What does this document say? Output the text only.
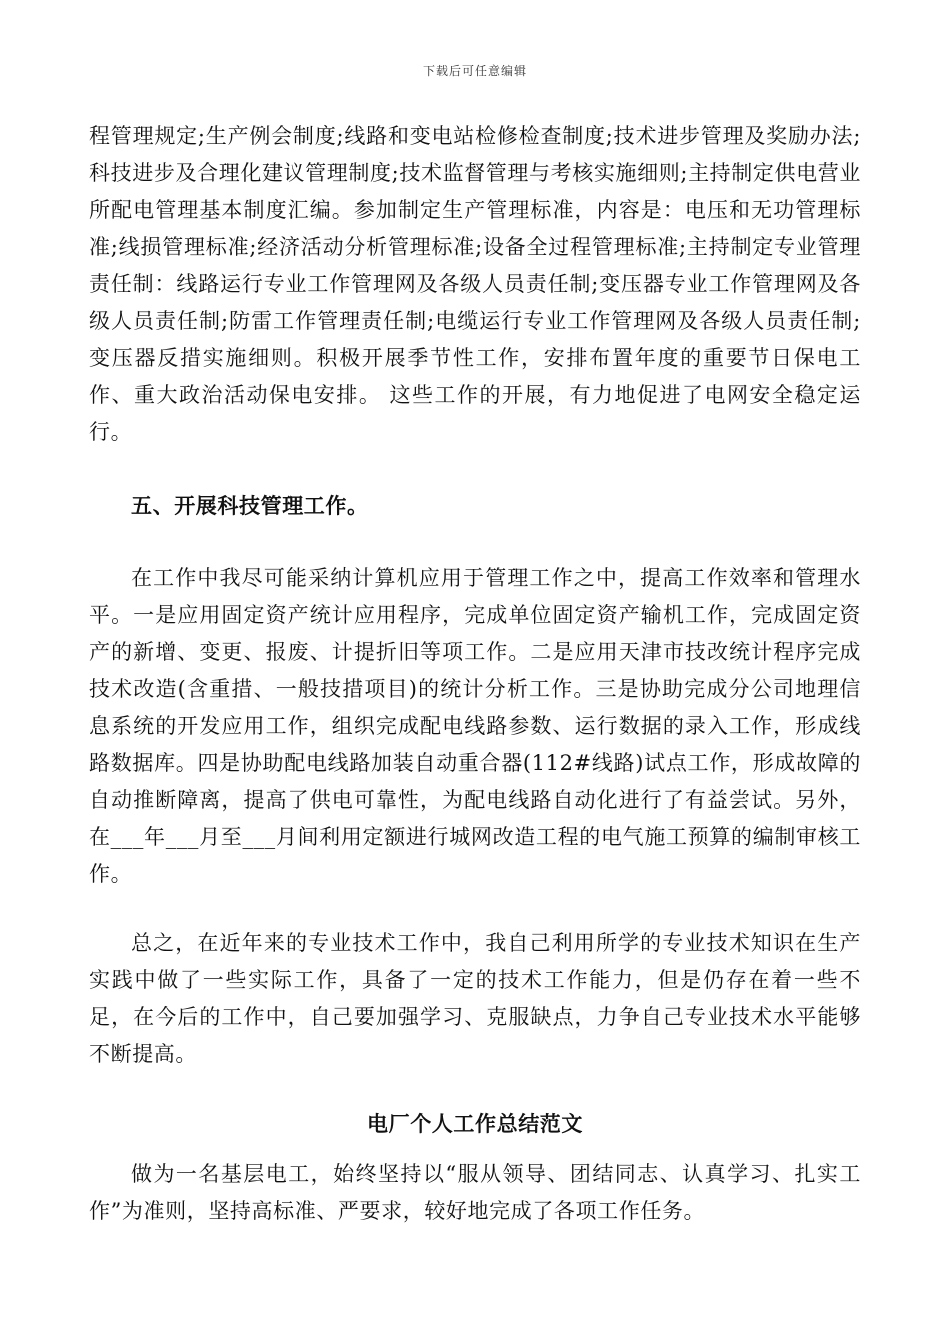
下载后可任意编辑

程管理规定;生产例会制度;线路和变电站检修检查制度;技术进步管理及奖励办法;科技进步及合理化建议管理制度;技术监督管理与考核实施细则;主持制定供电营业所配电管理基本制度汇编。参加制定生产管理标准，内容是：电压和无功管理标准;线损管理标准;经济活动分析管理标准;设备全过程管理标准;主持制定专业管理责任制：线路运行专业工作管理网及各级人员责任制;变压器专业工作管理网及各级人员责任制;防雷工作管理责任制;电缆运行专业工作管理网及各级人员责任制;变压器反措实施细则。积极开展季节性工作，安排布置年度的重要节日保电工作、重大政治活动保电安排。 这些工作的开展，有力地促进了电网安全稳定运行。

五、开展科技管理工作。

在工作中我尽可能采纳计算机应用于管理工作之中，提高工作效率和管理水平。一是应用固定资产统计应用程序，完成单位固定资产输机工作，完成固定资产的新增、变更、报废、计提折旧等项工作。二是应用天津市技改统计程序完成技术改造(含重措、一般技措项目)的统计分析工作。三是协助完成分公司地理信息系统的开发应用工作，组织完成配电线路参数、运行数据的录入工作，形成线路数据库。四是协助配电线路加装自动重合器(112#线路)试点工作，形成故障的自动推断障离，提高了供电可靠性，为配电线路自动化进行了有益尝试。另外，在___年___月至___月间利用定额进行城网改造工程的电气施工预算的编制审核工作。

总之，在近年来的专业技术工作中，我自己利用所学的专业技术知识在生产实践中做了一些实际工作，具备了一定的技术工作能力，但是仍存在着一些不足，在今后的工作中，自己要加强学习、克服缺点，力争自己专业技术水平能够不断提高。

电厂个人工作总结范文

做为一名基层电工，始终坚持以“服从领导、团结同志、认真学习、扎实工作”为准则，坚持高标准、严要求，较好地完成了各项工作任务。
